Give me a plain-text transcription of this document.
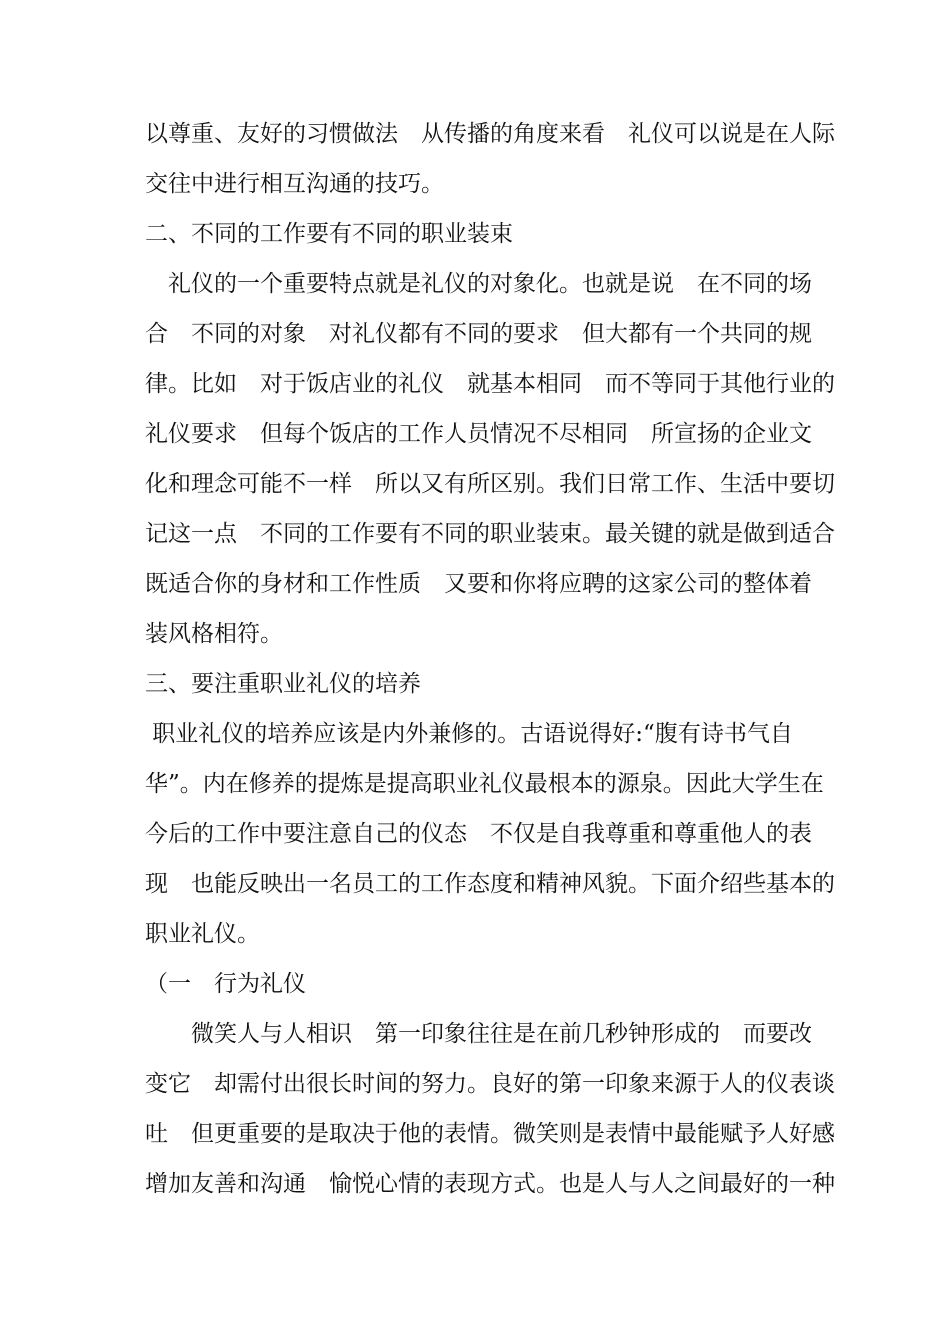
以尊重、友好的习惯做法　从传播的角度来看　礼仪可以说是在人际
交往中进行相互沟通的技巧。
二、不同的工作要有不同的职业装束
　礼仪的一个重要特点就是礼仪的对象化。也就是说　在不同的场
合　不同的对象　对礼仪都有不同的要求　但大都有一个共同的规
律。比如　对于饭店业的礼仪　就基本相同　而不等同于其他行业的
礼仪要求　但每个饭店的工作人员情况不尽相同　所宣扬的企业文
化和理念可能不一样　所以又有所区别。我们日常工作、生活中要切
记这一点　不同的工作要有不同的职业装束。最关键的就是做到适合
既适合你的身材和工作性质　又要和你将应聘的这家公司的整体着
装风格相符。
三、要注重职业礼仪的培养
职业礼仪的培养应该是内外兼修的。古语说得好:“腹有诗书气自
华”。内在修养的提炼是提高职业礼仪最根本的源泉。因此大学生在
今后的工作中要注意自己的仪态　不仅是自我尊重和尊重他人的表
现　也能反映出一名员工的工作态度和精神风貌。下面介绍些基本的
职业礼仪。
（一　行为礼仪
　　微笑人与人相识　第一印象往往是在前几秒钟形成的　而要改
变它　却需付出很长时间的努力。良好的第一印象来源于人的仪表谈
吐　但更重要的是取决于他的表情。微笑则是表情中最能赋予人好感
增加友善和沟通　愉悦心情的表现方式。也是人与人之间最好的一种
